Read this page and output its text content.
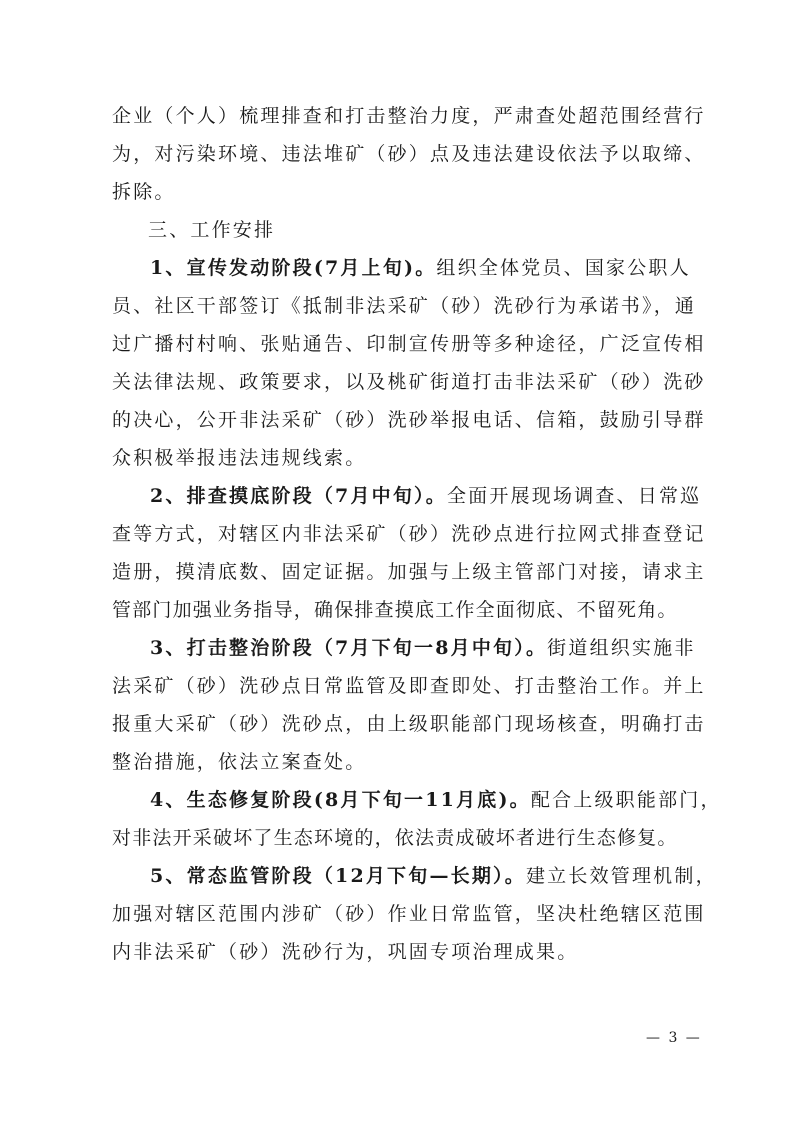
企业（个人）梳理排查和打击整治力度，严肃查处超范围经营行
为，对污染环境、违法堆矿（砂）点及违法建设依法予以取缔、
拆除。
三、工作安排
1、宣传发动阶段(7月上旬)。组织全体党员、国家公职人
员、社区干部签订《抵制非法采矿（砂）洗砂行为承诺书》，通
过广播村村响、张贴通告、印制宣传册等多种途径，广泛宣传相
关法律法规、政策要求，以及桃矿街道打击非法采矿（砂）洗砂
的决心，公开非法采矿（砂）洗砂举报电话、信箱，鼓励引导群
众积极举报违法违规线索。
2、排查摸底阶段（7月中旬）。全面开展现场调查、日常巡
查等方式，对辖区内非法采矿（砂）洗砂点进行拉网式排查登记
造册，摸清底数、固定证据。加强与上级主管部门对接，请求主
管部门加强业务指导，确保排查摸底工作全面彻底、不留死角。
3、打击整治阶段（7月下旬一8月中旬）。街道组织实施非
法采矿（砂）洗砂点日常监管及即查即处、打击整治工作。并上
报重大采矿（砂）洗砂点，由上级职能部门现场核查，明确打击
整治措施，依法立案查处。
4、生态修复阶段(8月下旬一11月底)。配合上级职能部门，
对非法开采破坏了生态环境的，依法责成破坏者进行生态修复。
5、常态监管阶段（12月下旬—长期）。建立长效管理机制，
加强对辖区范围内涉矿（砂）作业日常监管，坚决杜绝辖区范围
内非法采矿（砂）洗砂行为，巩固专项治理成果。
— 3 —
